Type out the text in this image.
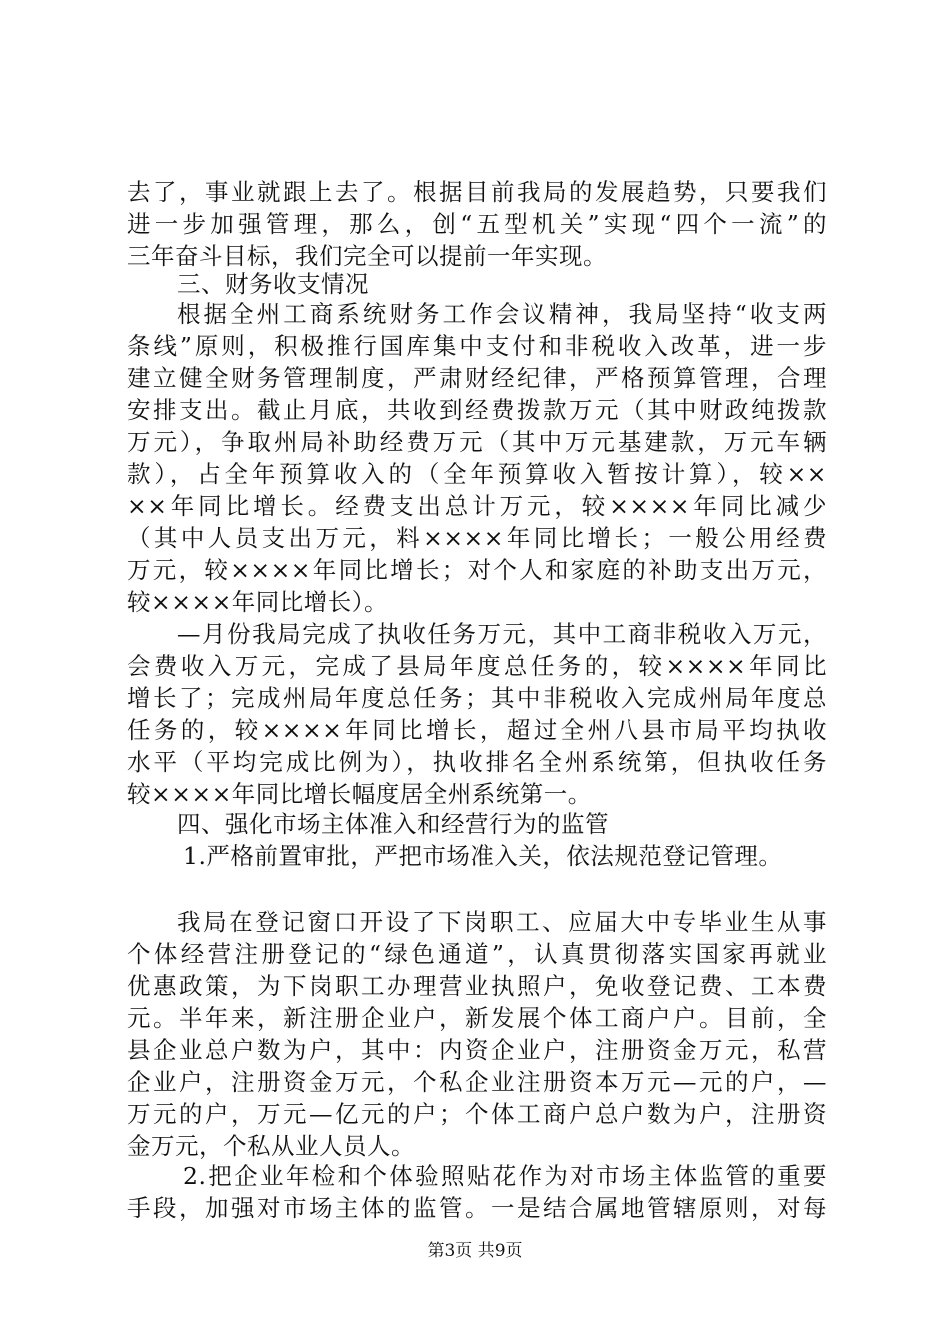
去了，事业就跟上去了。根据目前我局的发展趋势，只要我们
进一步加强管理，那么，创“五型机关”实现“四个一流”的
三年奋斗目标，我们完全可以提前一年实现。
三、财务收支情况
根据全州工商系统财务工作会议精神，我局坚持“收支两
条线”原则，积极推行国库集中支付和非税收入改革，进一步
建立健全财务管理制度，严肃财经纪律，严格预算管理，合理
安排支出。截止月底，共收到经费拨款万元（其中财政纯拨款
万元），争取州局补助经费万元（其中万元基建款，万元车辆
款），占全年预算收入的（全年预算收入暂按计算），较××
××年同比增长。经费支出总计万元，较××××年同比减少
（其中人员支出万元，料××××年同比增长；一般公用经费
万元，较××××年同比增长；对个人和家庭的补助支出万元，
较××××年同比增长）。
—月份我局完成了执收任务万元，其中工商非税收入万元，
会费收入万元，完成了县局年度总任务的，较××××年同比
增长了；完成州局年度总任务；其中非税收入完成州局年度总
任务的，较××××年同比增长，超过全州八县市局平均执收
水平（平均完成比例为），执收排名全州系统第，但执收任务
较××××年同比增长幅度居全州系统第一。
四、强化市场主体准入和经营行为的监管
1.严格前置审批，严把市场准入关，依法规范登记管理。
我局在登记窗口开设了下岗职工、应届大中专毕业生从事
个体经营注册登记的“绿色通道”，认真贯彻落实国家再就业
优惠政策，为下岗职工办理营业执照户，免收登记费、工本费
元。半年来，新注册企业户，新发展个体工商户户。目前，全
县企业总户数为户，其中：内资企业户，注册资金万元，私营
企业户，注册资金万元，个私企业注册资本万元—元的户，—
万元的户，万元—亿元的户；个体工商户总户数为户，注册资
金万元，个私从业人员人。
2.把企业年检和个体验照贴花作为对市场主体监管的重要
手段，加强对市场主体的监管。一是结合属地管辖原则，对每
第3页 共9页
